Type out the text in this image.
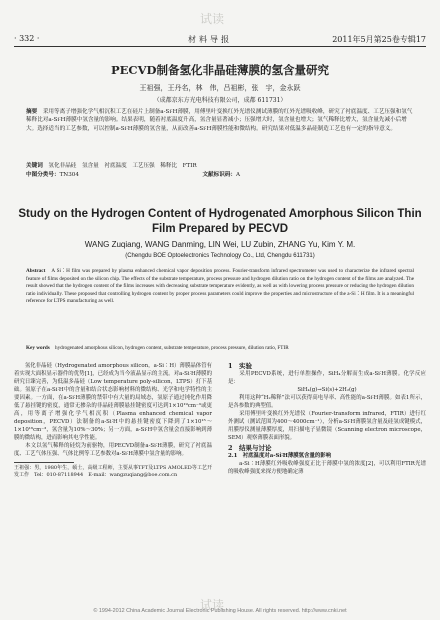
· 332 ·	材料导报	2011年5月第25卷专辑17
PECVD制备氢化非晶硅薄膜的氢含量研究
王祖强，王丹名，林　伟，吕祖彬，张　宇，金永跃
（成都京东方光电科技有限公司，成都 611731）
摘要　 采用等离子增强化学气相沉积工艺在硅片上制备a-Si∶H薄膜，用傅里叶变换红外光谱仪测试薄膜的红外光谱吸收峰，研究了衬底温度、工艺压强和氢气稀释比对a-Si∶H薄膜中氢含量的影响。结果表明，随着衬底温度升高，氢含量显著减小；压强增大时，氢含量也增大；氢气稀释比增大，氢含量先减小后增大。选择适当的工艺参数，可以控制a-Si∶H薄膜的氢含量，从而改善a-Si∶H薄膜性能和微结构。研究结果对低温多晶硅制造工艺也有一定的指导意义。
关键词　 氢化非晶硅　氢含量　衬底温度　工艺压强　稀释比　FTIR
中图分类号：TN304	文献标识码：A
Study on the Hydrogen Content of Hydrogenated Amorphous Silicon Thin Film Prepared by PECVD
WANG Zuqiang, WANG Danming, LIN Wei, LU Zubin, ZHANG Yu, Kim Y. M.
(Chengdu BOE Optoelectronics Technology Co., Ltd, Chengdu 611731)
Abstract　 A Si∶H film was prepared by plasma enhanced chemical vapor deposition process. Fourier-transform infrared spectrometer was used to characterize the infrared spectral feature of films deposited on the silicon chip. The effects of the substrate temperature, process pressure and hydrogen dilution ratio on the hydrogen content of the films are analyzed. The result showed that the hydrogen content of the films increases with decreasing substrate temperature evidently, as well as with lowering process pressure or reducing the hydrogen dilution ratio individually. These proposed that controlling hydrogen content by proper process parameters could improve the properties and microstructure of the a-Si∶H film. It is a meaningful reference for LTPS manufacturing as well.
Key words　 hydrogenated amorphous silicon, hydrogen content, substrate temperature, process pressure, dilution ratio, FTIR
　　氢化非晶硅（Hydrogenated amorphous silicon，a-Si∶H）薄膜晶体管有着实现大面积显示器件的优势[1]，已经成为当今液晶显示的主流。对a-Si∶H薄膜的研究日臻完善，为低温多晶硅（Low temperature poly-silicon，LTPS）打下基础。氢原子在a-Si∶H中的含量和结合状态影响材料的微结构、光学和电学特性的主要因素。一方面，在a-Si∶H薄膜的禁带中有大量的局域态，氢原子通过钝化作用降低了悬挂键的密度，通常无掺杂的非晶硅薄膜悬挂键密度可达到1×10¹⁹cm⁻³或更高，用等离子增强化学气相沉积（Plasma enhanced chemical vapor deposition，PECVD）法制备的a-Si∶H中的悬挂键密度下降到了1×10¹⁵～1×10¹⁶cm⁻³，氢含量为10%～30%；另一方面，a-Si∶H中氢含量会直接影响到薄膜的微结构，进而影响其电学性能。
　　本文以氢气稀释的硅烷为前驱物，用PECVD制备a-Si∶H薄膜，研究了衬底温度、工艺气体压强、气体比例等工艺参数对a-Si∶H薄膜中氢含量的影响。
王祖强：男，1980年生，硕士，高级工程师，主要从事TFT及LTPS AMOLED等工艺开发工作　Tel：010-87118944　E-mail：wangzuqiang@boe.com.cn
1　实验
　　采用PECVD系统，进行单腔操作，SiH₄分解而生成a-Si∶H薄膜。化学反应是：
SiH₄(g)→Si(s)+2H₂(g)
　　利用这种“H₂稀释”法可以获得高电导率、高性能的a-Si∶H薄膜。如表1所示，是各参数的典型值。
　　采用傅里叶变换红外光谱仪（Fourier-transform infrared，FTIR）进行红外测试（测试范围为400～4000cm⁻¹），分析a-Si∶H薄膜氢含量及硅氢成键模式，用膜厚仪测量薄膜厚度，用扫描电子显微镜（Scanning electron microscope，SEM）观察薄膜表面形貌。
2　结果与讨论
2.1　衬底温度对a-Si∶H薄膜氢含量的影响
　　a-Si∶H薄膜红外吸收峰强度正比于薄膜中氢的浓度[2]，可以利用FTIR光谱的吸收峰强度来探方便地确定薄
试读
试读
© 1994-2012 China Academic Journal Electronic Publishing House. All rights reserved. http://www.cnki.net
